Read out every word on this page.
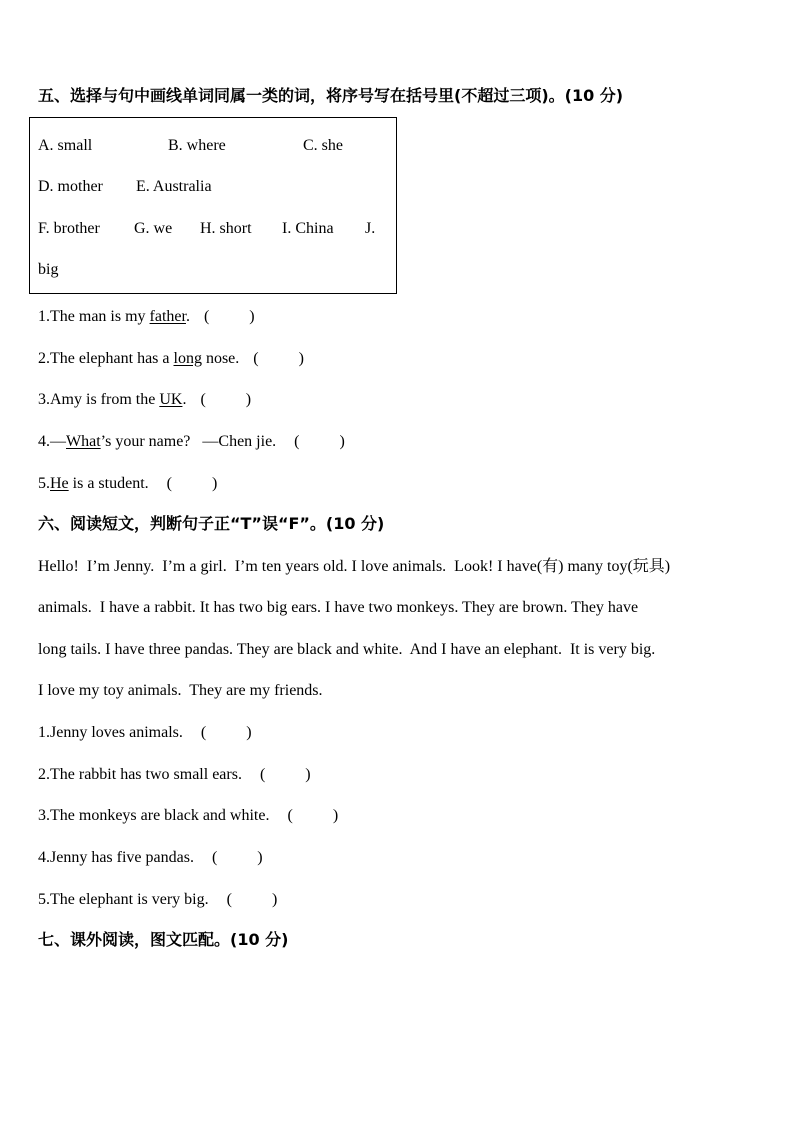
五、选择与句中画线单词同属一类的词，将序号写在括号里(不超过三项)。(10 分)
A. small	B. where	C. she
D. mother E. Australia
F. brother G. we H. short I. China J.
big
1.The man is my father. (          )
2.The elephant has a long nose. (          )
3.Amy is from the UK. (          )
4.—What’s your name?   —Chen jie. (          )
5.He is a student. (          )
六、阅读短文，判断句子正“T”误“F”。(10 分)
Hello!  I’m Jenny.  I’m a girl.  I’m ten years old. I love animals.  Look! I have(有) many toy(玩具)
animals.  I have a rabbit. It has two big ears. I have two monkeys. They are brown. They have
long tails. I have three pandas. They are black and white.  And I have an elephant.  It is very big.
I love my toy animals.  They are my friends.
1.Jenny loves animals. (          )
2.The rabbit has two small ears. (          )
3.The monkeys are black and white. (          )
4.Jenny has five pandas. (          )
5.The elephant is very big. (          )
七、课外阅读，图文匹配。(10 分)
